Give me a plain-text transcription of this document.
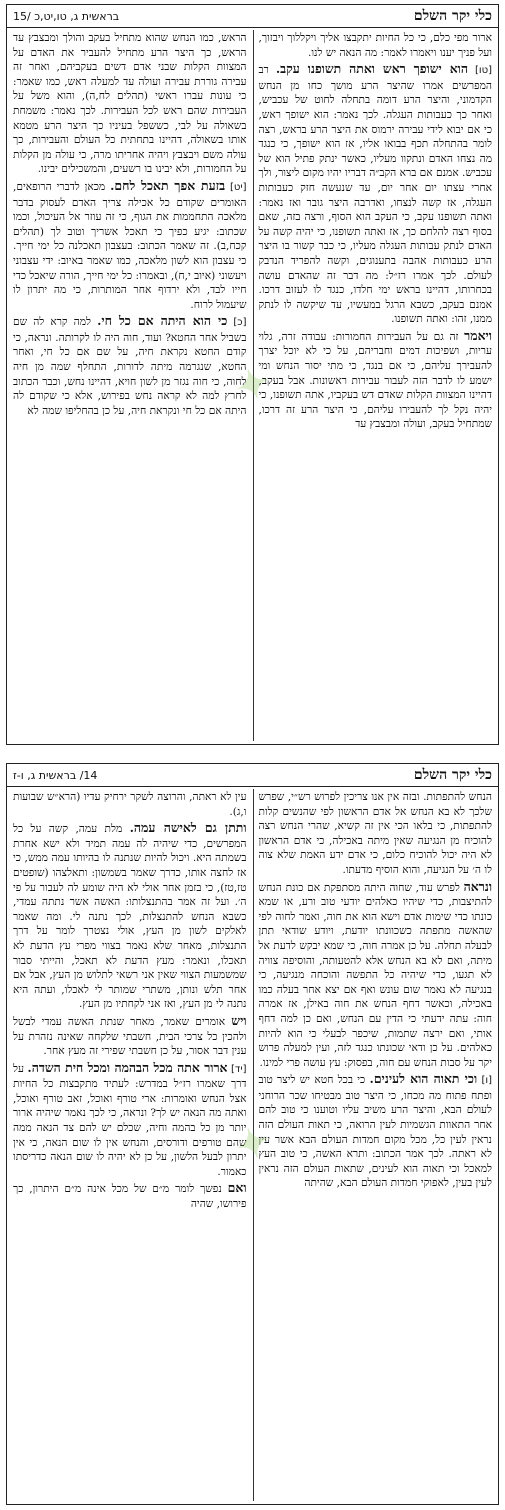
כלי יקר השלם
בראשית ג, טו,יט,כ /15

ארור מפי כלם, כי כל החיות יתקבצו אליך ויקללוך ויבזוך, ועל פניך יענו ויאמרו לאמר: מה הנאה יש לנו.

[טו] הוא ישופך ראש ואתה תשופנו עקב. רב המפרשים אמרו שהיצר הרע מושך כחו מן הנחש הקדמוני, והיצר הרע דומה בתחלה לחוט של עכביש, ואחר כך כעבותות העגלה. לכך נאמר: הוא ישופך ראש, כי אם יבוא לידי עבירה ירמוס את היצר הרע בראש, רצה לומר בהתחלה תכף בבואו אליו, אז הוא ישופך, כי כנגד מה נצחו האדם ונתקוו מעליו, כאשר ינתק פתיל הוא של עכביש. אמנם אם ברא הקב״ה דבריו יהיו מקום ליצור, ולך אחרי עצתו יום אחר יום, עד שנעשה חזק כעבותות העגלה, אז קשה לנצחו, ואדרבה היצר גובר ואז נאמר: ואתה תשופנו עקב, כי העקב הוא הסוף, ורצה בזה, שאם בסוף רצה להלחם כך, אז ואתה תשופנו, כי יהיה קשה על האדם לנתק עבותות העגלה מעליו, כי כבר קשור בו היצר הרע כעבותות אהבה בתענוגים, וקשה להפריד הנדבק לעולם. לכך אמרו רז״ל: מה דבר זה שהאדם עושה בכחרותו, דהיינו בראש ימי חלדו, כנגד לו לעזוב דרכו. אמנם בעקב, כשבא הרגל במעשיו, עד שיקשה לו לנתק ממנו, זהו: ואתה תשופנו.

ויאמר זה גם על העבירות החמורות: עבודה זרה, גלוי עריות, ושפיכות דמים וחבריהם, על כי לא יוכל יצרך להעבירך עליהם, כי אם בנגד, כי מתי יסור הנחש ומי ישמע לו לדבר הזה לעבור עבירות ראשונות. אבל בעקב, דהיינו המצוות הקלות שאדם דש בעקביו, אתה תשופנו, כי יהיה נקל לך להעבירו עליהם, כי היצר הרע זה דרכו, שמתחיל בעקב, ועולה ומבצבץ עד

הראש, כמו הנחש שהוא מתחיל בעקב והולך ומבצבץ עד הראש, כך היצר הרע מתחיל להעביר את האדם על המצוות הקלות שבני אדם דשים בעקביהם, ואחר זה עבירה גוררת עבירה ועולה עד למעלה ראש, כמו שאמר: כי עונות עברו ראשי (תהלים לח,ה), והוא משל על העבירות שהם ראש לכל העבירות. לכך נאמר: משמחת בשאולה על לבי, כששפל בעיניו כך היצר הרע מטמא אותו בשאולה, דהיינו בתחתית כל העולם והעבירות, כך עולה משם ויבצבץ ויהיה אחריתו מרה, כי עולה מן הקלות על החמורות, ולא יבינו בו רשעים, והמשכילים יבינו.

[יט] בזעת אפך תאכל לחם. מכאן לדברי הרופאים, האומרים שקודם כל אכילה צריך האדם לעסוק בדבר מלאכה התחממות את הגוף, כי זה עוזר אל העיכול, וכמו שכתוב: יגיע כפיך כי תאכל אשריך וטוב לך (תהלים קכח,ב). זה שאמר הכתוב: בעצבון תאכלנה כל ימי חייך. כי עצבון הוא לשון מלאכה, כמו שאמר באיוב: ידי עצבוני ויעשוני (איוב י,ח), ובאמרו: כל ימי חייך, הורה שיאכל כדי חייו לבד, ולא ירדוף אחר המותרות, כי מה יתרון לו שיעמול לרוח.

[כ] כי הוא היתה אם כל חי. למה קרא לה שם בשביל אחר החטא? ועוד, חוה היה לו לקרותה. ונראה, כי קודם החטא נקראת חיה, על שם אם כל חי, ואחר החטא, שנגרמה מיתה לדורות, התחלף שמה מן חיה לחוה, כי חוה נגזר מן לשון חויא, דהיינו נחש, וכבר הכתוב לחרץ למה לא קראה נחש בפירוש, אלא כי שקודם לה היתה אם כל חי ונקראת חיה, על כן בהחליפו שמה לא

✦
כלי יקר השלם
14/ בראשית ג, ו-ז

הנחש להתפתות. ובזה אין אנו צריכין לפרוש רש״י, שפרש שלכך לא בא הנחש אל אדם הראשון לפי שהנשים קלות להתפתות, כי בלאו הכי אין זה קשיא, שהרי הנחש רצה להוכיח מן הנגיעה שאין מיתה באכילה, כי אדם הראשון לא היה יכול להוכיח כלום, כי אדם ידע האמת שלא צוה לו ה׳ על הנגיעה, והוא הוסיף מדעתו.

ונראה לפרש עוד, שחוה היתה מסתפקת אם כונת הנחש להתיצבות, כדי שיהיו כאלהים יודעי טוב ורע, או שמא כונתו כדי שימות אדם וישא הוא את חוה, ואמר לחוה לפי שהאשה מתפתה כשכוונתו יודעת, ויודע שודאי תתן לבעלה תחלה. על כן אמרה חוה, כי שמא יבקש לדעת אל מיתה, ואם לא בא הנחש אלא להטעותה, והוסיפה צוויה לא תגעו, כדי שיהיה כל התפשה והוכחה מנגיעה, כי בנגיעה לא נאמר שום עונש ואף אם יצא אחר בעלה כמו באכילה, וכאשר דחף הנחש את חוה באילן, אז אמרה חוה: עתה ידעתי כי הדין עם הנחש, ואם כן למה דחף אותי, ואם ירצה שתמות, שיכפר לבעלי כי הוא להיות כאלהים. על כן ודאי שכונתו כנגד לזה, ועין למעלה פרוש יקר על סבות הנחש עם חוה, בפסוק: עץ עושה פרי למינו.

[ו] וכי תאוה הוא לעינים. כי בכל חטא יש ליצר טוב ופתח פתוח מה מכחו, כי היצר טוב מבטיחו שכר הרוחני לעולם הבא, והיצר הרע משיב עליו וטוענו כי טוב להם אחר התאוות הגשמיות לעין הרואה, כי תאות העולם הזה נראין לעין כל, מכל מקום חמדות העולם הבא אשר עין לא ראתה. לכך אמר הכתוב: ותרא האשה, כי טוב העץ למאכל וכי תאוה הוא לעינים, שתאות העולם הזה נראין לעין בעין, לאפוקי חמדות העולם הבא, שהיתה

עין לא ראתה, והרוצה לשקר ירחיק עדיו (הרא״ש שבועות ו,ג).

ותתן גם לאישה עמה. מלת עמה, קשה על כל המפרשים, כדי שיהיה לה עמה תמיד ולא ישא אחרת בשמתה היא. ויכול להיות שנתנה לו בהיותו עמה ממש, כי אז לחצה אותו, כדרך שאמר בשמשון: ותאלצהו (שופטים טז,טז), כי בזמן אחר אולי לא היה שומע לה לעבור על פי ה׳. ועל זה אמר בהתנצלותו: האשה אשר נתתה עמדי, כשבא הנחש להתנצלות, לכך נתנה לי. ומה שאמר לאלקים לשון מן העץ, אולי נצטרך לומר על דרך התנצלות, מאחר שלא נאמר בצווי מפרי עץ הדעת לא תאכלו, ונאמר: מעץ הדעת לא תאכל, והייתי סבור שמשמעות הצווי שאין אני רשאי לתלוש מן העץ, אבל אם אחר תלש ונותן, משתרי שמותר לי לאכלו, ועתה היא נתנה לי מן העץ, ואז אני לקחתיו מן העץ.

ויש אומרים שאמר, מאחר שנתת האשה עמדי לבשל ולהכין כל צרכי הבית, חשבתי שלקחה שאינה נזהרת על ענין דבר אסור, על כן חשבתי שפירי זה מעץ אחר.

[יד] ארור אתה מכל הבהמה ומכל חית השדה. על דרך שאמרו רז״ל במדרש: לעתיד מתקבצות כל החיות אצל הנחש ואומרות: ארי טורף ואוכל, זאב טורף ואוכל, ואתה מה הנאה יש לך? ונראה, כי לכך נאמר שיהיה ארור יותר מן כל בהמה וחיה, שכלם יש להם צד הנאה ממה שהם טורפים ודורסים, והנחש אין לו שום הנאה, כי אין יתרון לבעל הלשון, על כן לא יהיה לו שום הנאה כדריסתו כאמור.

ואם נפשך לומר מ״ם של מכל אינה מ״ם היתרון, כך פירושו, שהיה

✦
